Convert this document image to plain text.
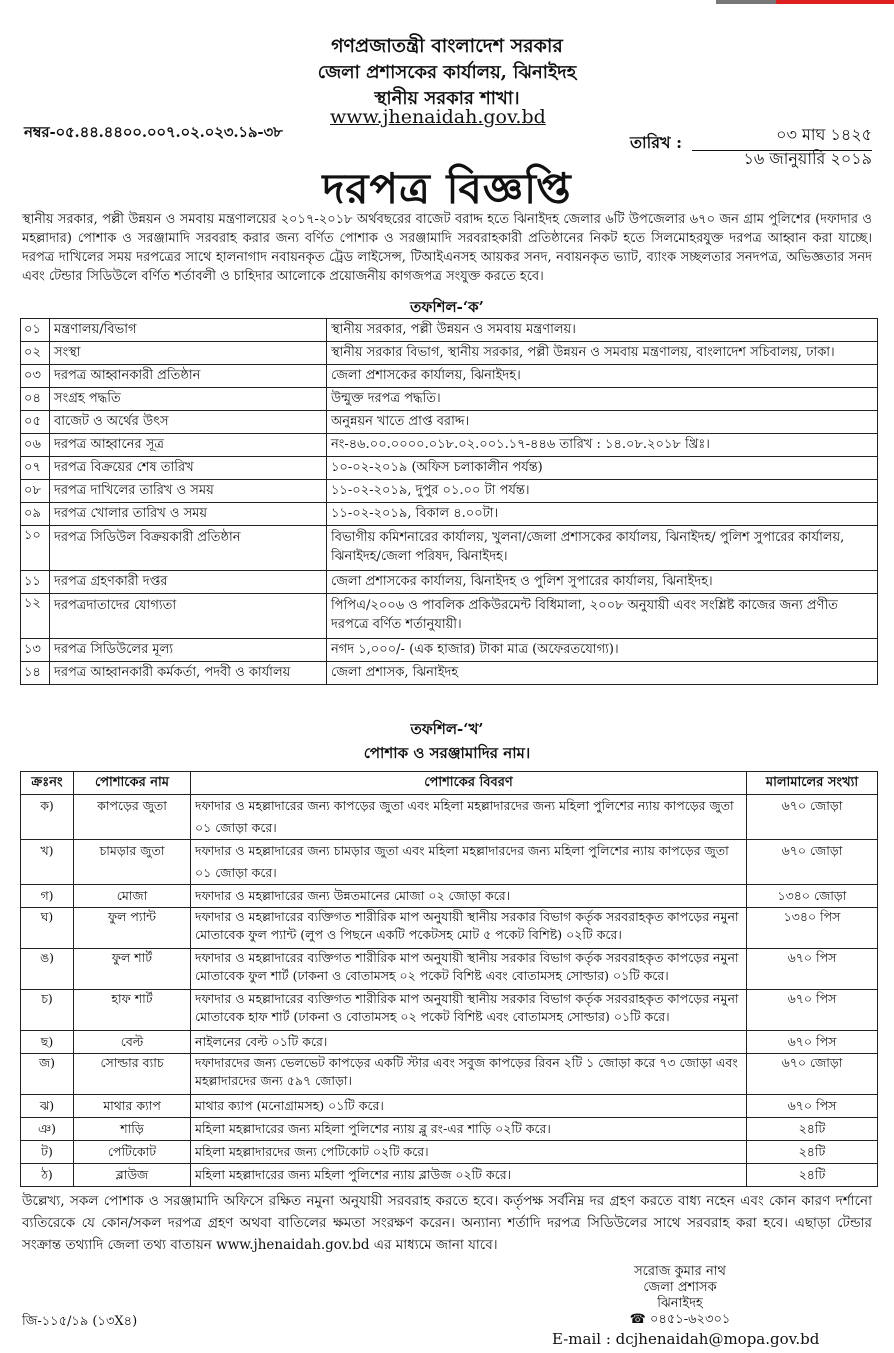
গণপ্রজাতন্ত্রী বাংলাদেশ সরকার
জেলা প্রশাসকের কার্যালয়, ঝিনাইদহ
স্থানীয় সরকার শাখা।
www.jhenaidah.gov.bd
নম্বর-০৫.৪৪.৪৪০০.০০৭.০২.০২৩.১৯-৩৮
তারিখ :	০৩ মাঘ ১৪২৫
১৬ জানুয়ারি ২০১৯
দরপত্র বিজ্ঞপ্তি
স্থানীয় সরকার, পল্লী উন্নয়ন ও সমবায় মন্ত্রণালয়ের ২০১৭-২০১৮ অর্থবছরের বাজেট বরাদ্দ হতে ঝিনাইদহ জেলার ৬টি উপজেলার ৬৭০ জন গ্রাম পুলিশের (দফাদার ও মহল্লাদার) পোশাক ও সরঞ্জামাদি সরবরাহ করার জন্য বর্ণিত পোশাক ও সরঞ্জামাদি সরবরাহকারী প্রতিষ্ঠানের নিকট হতে সিলমোহরযুক্ত দরপত্র আহ্বান করা যাচ্ছে। দরপত্র দাখিলের সময় দরপত্রের সাথে হালনাগাদ নবায়নকৃত ট্রেড লাইসেন্স, টিআইএনসহ আয়কর সনদ, নবায়নকৃত ভ্যাট, ব্যাংক সচ্ছলতার সনদপত্র, অভিজ্ঞতার সনদ এবং টেন্ডার সিডিউলে বর্ণিত শর্তাবলী ও চাহিদার আলোকে প্রয়োজনীয় কাগজপত্র সংযুক্ত করতে হবে।
তফশিল-‘ক’
০১	মন্ত্রণালয়/বিভাগ	স্থানীয় সরকার, পল্লী উন্নয়ন ও সমবায় মন্ত্রণালয়।
০২	সংস্থা	স্থানীয় সরকার বিভাগ, স্থানীয় সরকার, পল্লী উন্নয়ন ও সমবায় মন্ত্রণালয়, বাংলাদেশ সচিবালয়, ঢাকা।
০৩	দরপত্র আহ্বানকারী প্রতিষ্ঠান	জেলা প্রশাসকের কার্যালয়, ঝিনাইদহ।
০৪	সংগ্রহ পদ্ধতি	উন্মুক্ত দরপত্র পদ্ধতি।
০৫	বাজেট ও অর্থের উৎস	অনুন্নয়ন খাতে প্রাপ্ত বরাদ্দ।
০৬	দরপত্র আহ্বানের সূত্র	নং-৪৬.০০.০০০০.০১৮.০২.০০১.১৭-৪৪৬ তারিখ : ১৪.০৮.২০১৮ খ্রিঃ।
০৭	দরপত্র বিক্রয়ের শেষ তারিখ	১০-০২-২০১৯ (অফিস চলাকালীন পর্যন্ত)
০৮	দরপত্র দাখিলের তারিখ ও সময়	১১-০২-২০১৯, দুপুর ০১.০০ টা পর্যন্ত।
০৯	দরপত্র খোলার তারিখ ও সময়	১১-০২-২০১৯, বিকাল ৪.০০টা।
১০	দরপত্র সিডিউল বিক্রয়কারী প্রতিষ্ঠান	বিভাগীয় কমিশনারের কার্যালয়, খুলনা/জেলা প্রশাসকের কার্যালয়, ঝিনাইদহ/ পুলিশ সুপারের কার্যালয়, ঝিনাইদহ/জেলা পরিষদ, ঝিনাইদহ।
১১	দরপত্র গ্রহণকারী দপ্তর	জেলা প্রশাসকের কার্যালয়, ঝিনাইদহ ও পুলিশ সুপারের কার্যালয়, ঝিনাইদহ।
১২	দরপত্রদাতাদের যোগ্যতা	পিপিএ/২০০৬ ও পাবলিক প্রকিউরমেন্ট বিধিমালা, ২০০৮ অনুযায়ী এবং সংশ্লিষ্ট কাজের জন্য প্রণীত দরপত্রে বর্ণিত শর্তানুযায়ী।
১৩	দরপত্র সিডিউলের মূল্য	নগদ ১,০০০/- (এক হাজার) টাকা মাত্র (অফেরতযোগ্য)।
১৪	দরপত্র আহ্বানকারী কর্মকর্তা, পদবী ও কার্যালয়	জেলা প্রশাসক, ঝিনাইদহ
তফশিল-‘খ’
পোশাক ও সরঞ্জামাদির নাম।
ক্রঃনং	পোশাকের নাম	পোশাকের বিবরণ	মালামালের সংখ্যা
ক)	কাপড়ের জুতা	দফাদার ও মহল্লাদারের জন্য কাপড়ের জুতা এবং মহিলা মহল্লাদারদের জন্য মহিলা পুলিশের ন্যায় কাপড়ের জুতা ০১ জোড়া করে।	৬৭০ জোড়া
খ)	চামড়ার জুতা	দফাদার ও মহল্লাদারের জন্য চামড়ার জুতা এবং মহিলা মহল্লাদারদের জন্য মহিলা পুলিশের ন্যায় কাপড়ের জুতা ০১ জোড়া করে।	৬৭০ জোড়া
গ)	মোজা	দফাদার ও মহল্লাদারের জন্য উন্নতমানের মোজা ০২ জোড়া করে।	১৩৪০ জোড়া
ঘ)	ফুল প্যান্ট	দফাদার ও মহল্লাদারের ব্যক্তিগত শারীরিক মাপ অনুযায়ী স্থানীয় সরকার বিভাগ কর্তৃক সরবরাহকৃত কাপড়ের নমুনা মোতাবেক ফুল প্যান্ট (লুপ ও পিছনে একটি পকেটসহ মোট ৫ পকেট বিশিষ্ট) ০২টি করে।	১৩৪০ পিস
ঙ)	ফুল শার্ট	দফাদার ও মহল্লাদারের ব্যক্তিগত শারীরিক মাপ অনুযায়ী স্থানীয় সরকার বিভাগ কর্তৃক সরবরাহকৃত কাপড়ের নমুনা মোতাবেক ফুল শার্ট (ঢাকনা ও বোতামসহ ০২ পকেট বিশিষ্ট এবং বোতামসহ সোল্ডার) ০১টি করে।	৬৭০ পিস
চ)	হাফ শার্ট	দফাদার ও মহল্লাদারের ব্যক্তিগত শারীরিক মাপ অনুযায়ী স্থানীয় সরকার বিভাগ কর্তৃক সরবরাহকৃত কাপড়ের নমুনা মোতাবেক হাফ শার্ট (ঢাকনা ও বোতামসহ ০২ পকেট বিশিষ্ট এবং বোতামসহ সোল্ডার) ০১টি করে।	৬৭০ পিস
ছ)	বেল্ট	নাইলনের বেল্ট ০১টি করে।	৬৭০ পিস
জ)	সোল্ডার ব্যাচ	দফাদারদের জন্য ভেলভেট কাপড়ের একটি স্টার এবং সবুজ কাপড়ের রিবন ২টি ১ জোড়া করে ৭৩ জোড়া এবং মহল্লাদারদের জন্য ৫৯৭ জোড়া।	৬৭০ জোড়া
ঝ)	মাথার ক্যাপ	মাথার ক্যাপ (মনোগ্রামসহ) ০১টি করে।	৬৭০ পিস
ঞ)	শাড়ি	মহিলা মহল্লাদারের জন্য মহিলা পুলিশের ন্যায় ব্লু রং-এর শাড়ি ০২টি করে।	২৪টি
ট)	পেটিকোট	মহিলা মহল্লাদারদের জন্য পেটিকোট ০২টি করে।	২৪টি
ঠ)	ব্লাউজ	মহিলা মহল্লাদারের জন্য মহিলা পুলিশের ন্যায় ব্লাউজ ০২টি করে।	২৪টি
উল্লেখ্য, সকল পোশাক ও সরঞ্জামাদি অফিসে রক্ষিত নমুনা অনুযায়ী সরবরাহ করতে হবে। কর্তৃপক্ষ সর্বনিম্ন দর গ্রহণ করতে বাধ্য নহেন এবং কোন কারণ দর্শানো ব্যতিরেকে যে কোন/সকল দরপত্র গ্রহণ অথবা বাতিলের ক্ষমতা সংরক্ষণ করেন। অন্যান্য শর্তাদি দরপত্র সিডিউলের সাথে সরবরাহ করা হবে। এছাড়া টেন্ডার সংক্রান্ত তথ্যাদি জেলা তথ্য বাতায়ন www.jhenaidah.gov.bd এর মাধ্যমে জানা যাবে।
সরোজ কুমার নাথ
জেলা প্রশাসক
ঝিনাইদহ
☎ ০৪৫১-৬২৩০১
E-mail : dcjhenaidah@mopa.gov.bd
জি-১১৫/১৯ (১৩X৪)
